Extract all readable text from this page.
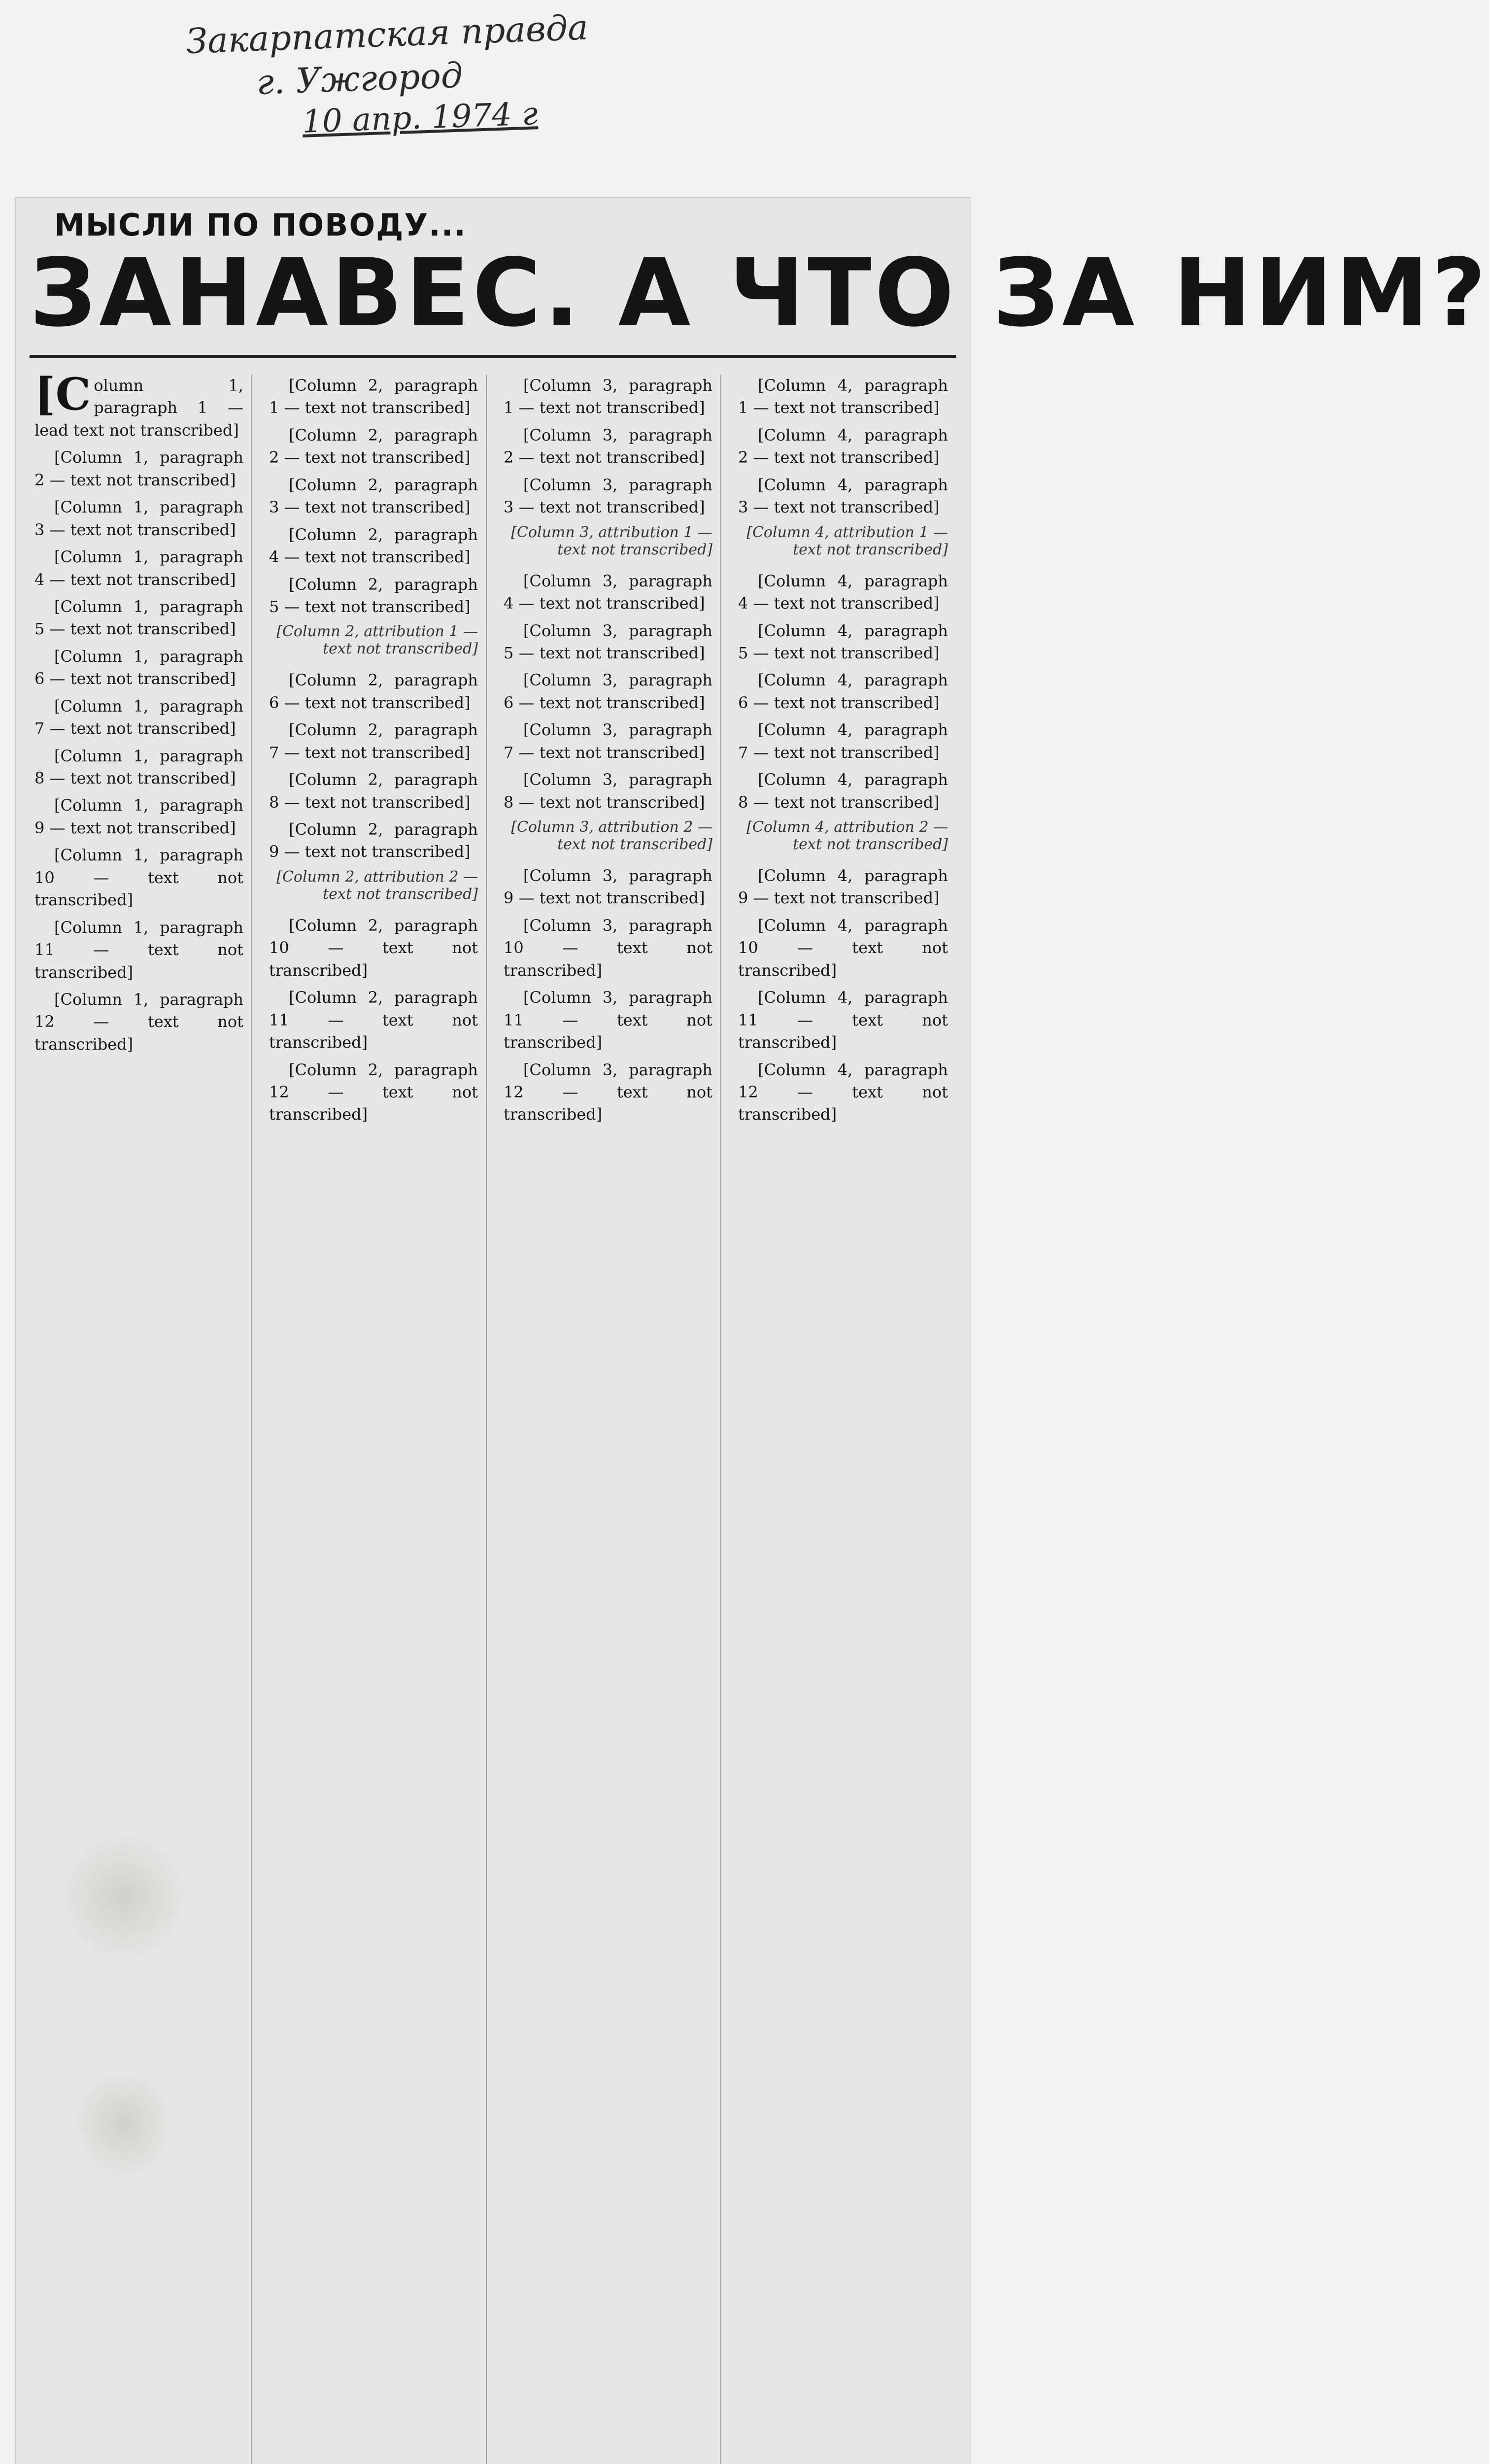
Закарпатская правда
г. Ужгород
10 апр. 1974 г
МЫСЛИ ПО ПОВОДУ...
ЗАНАВЕС. А ЧТО ЗА НИМ?

[Column 1, paragraph 1 — lead text not transcribed]

[Column 1, paragraph 2 — text not transcribed]

[Column 1, paragraph 3 — text not transcribed]

[Column 1, paragraph 4 — text not transcribed]

[Column 1, paragraph 5 — text not transcribed]

[Column 1, paragraph 6 — text not transcribed]

[Column 1, paragraph 7 — text not transcribed]

[Column 1, paragraph 8 — text not transcribed]

[Column 1, paragraph 9 — text not transcribed]

[Column 1, paragraph 10 — text not transcribed]

[Column 1, paragraph 11 — text not transcribed]

[Column 1, paragraph 12 — text not transcribed]

[Column 2, paragraph 1 — text not transcribed]

[Column 2, paragraph 2 — text not transcribed]

[Column 2, paragraph 3 — text not transcribed]

[Column 2, paragraph 4 — text not transcribed]

[Column 2, paragraph 5 — text not transcribed]

[Column 2, attribution 1 — text not transcribed]

[Column 2, paragraph 6 — text not transcribed]

[Column 2, paragraph 7 — text not transcribed]

[Column 2, paragraph 8 — text not transcribed]

[Column 2, paragraph 9 — text not transcribed]

[Column 2, attribution 2 — text not transcribed]

[Column 2, paragraph 10 — text not transcribed]

[Column 2, paragraph 11 — text not transcribed]

[Column 2, paragraph 12 — text not transcribed]

[Column 3, paragraph 1 — text not transcribed]

[Column 3, paragraph 2 — text not transcribed]

[Column 3, paragraph 3 — text not transcribed]

[Column 3, attribution 1 — text not transcribed]

[Column 3, paragraph 4 — text not transcribed]

[Column 3, paragraph 5 — text not transcribed]

[Column 3, paragraph 6 — text not transcribed]

[Column 3, paragraph 7 — text not transcribed]

[Column 3, paragraph 8 — text not transcribed]

[Column 3, attribution 2 — text not transcribed]

[Column 3, paragraph 9 — text not transcribed]

[Column 3, paragraph 10 — text not transcribed]

[Column 3, paragraph 11 — text not transcribed]

[Column 3, paragraph 12 — text not transcribed]

[Column 4, paragraph 1 — text not transcribed]

[Column 4, paragraph 2 — text not transcribed]

[Column 4, paragraph 3 — text not transcribed]

[Column 4, attribution 1 — text not transcribed]

[Column 4, paragraph 4 — text not transcribed]

[Column 4, paragraph 5 — text not transcribed]

[Column 4, paragraph 6 — text not transcribed]

[Column 4, paragraph 7 — text not transcribed]

[Column 4, paragraph 8 — text not transcribed]

[Column 4, attribution 2 — text not transcribed]

[Column 4, paragraph 9 — text not transcribed]

[Column 4, paragraph 10 — text not transcribed]

[Column 4, paragraph 11 — text not transcribed]

[Column 4, paragraph 12 — text not transcribed]
